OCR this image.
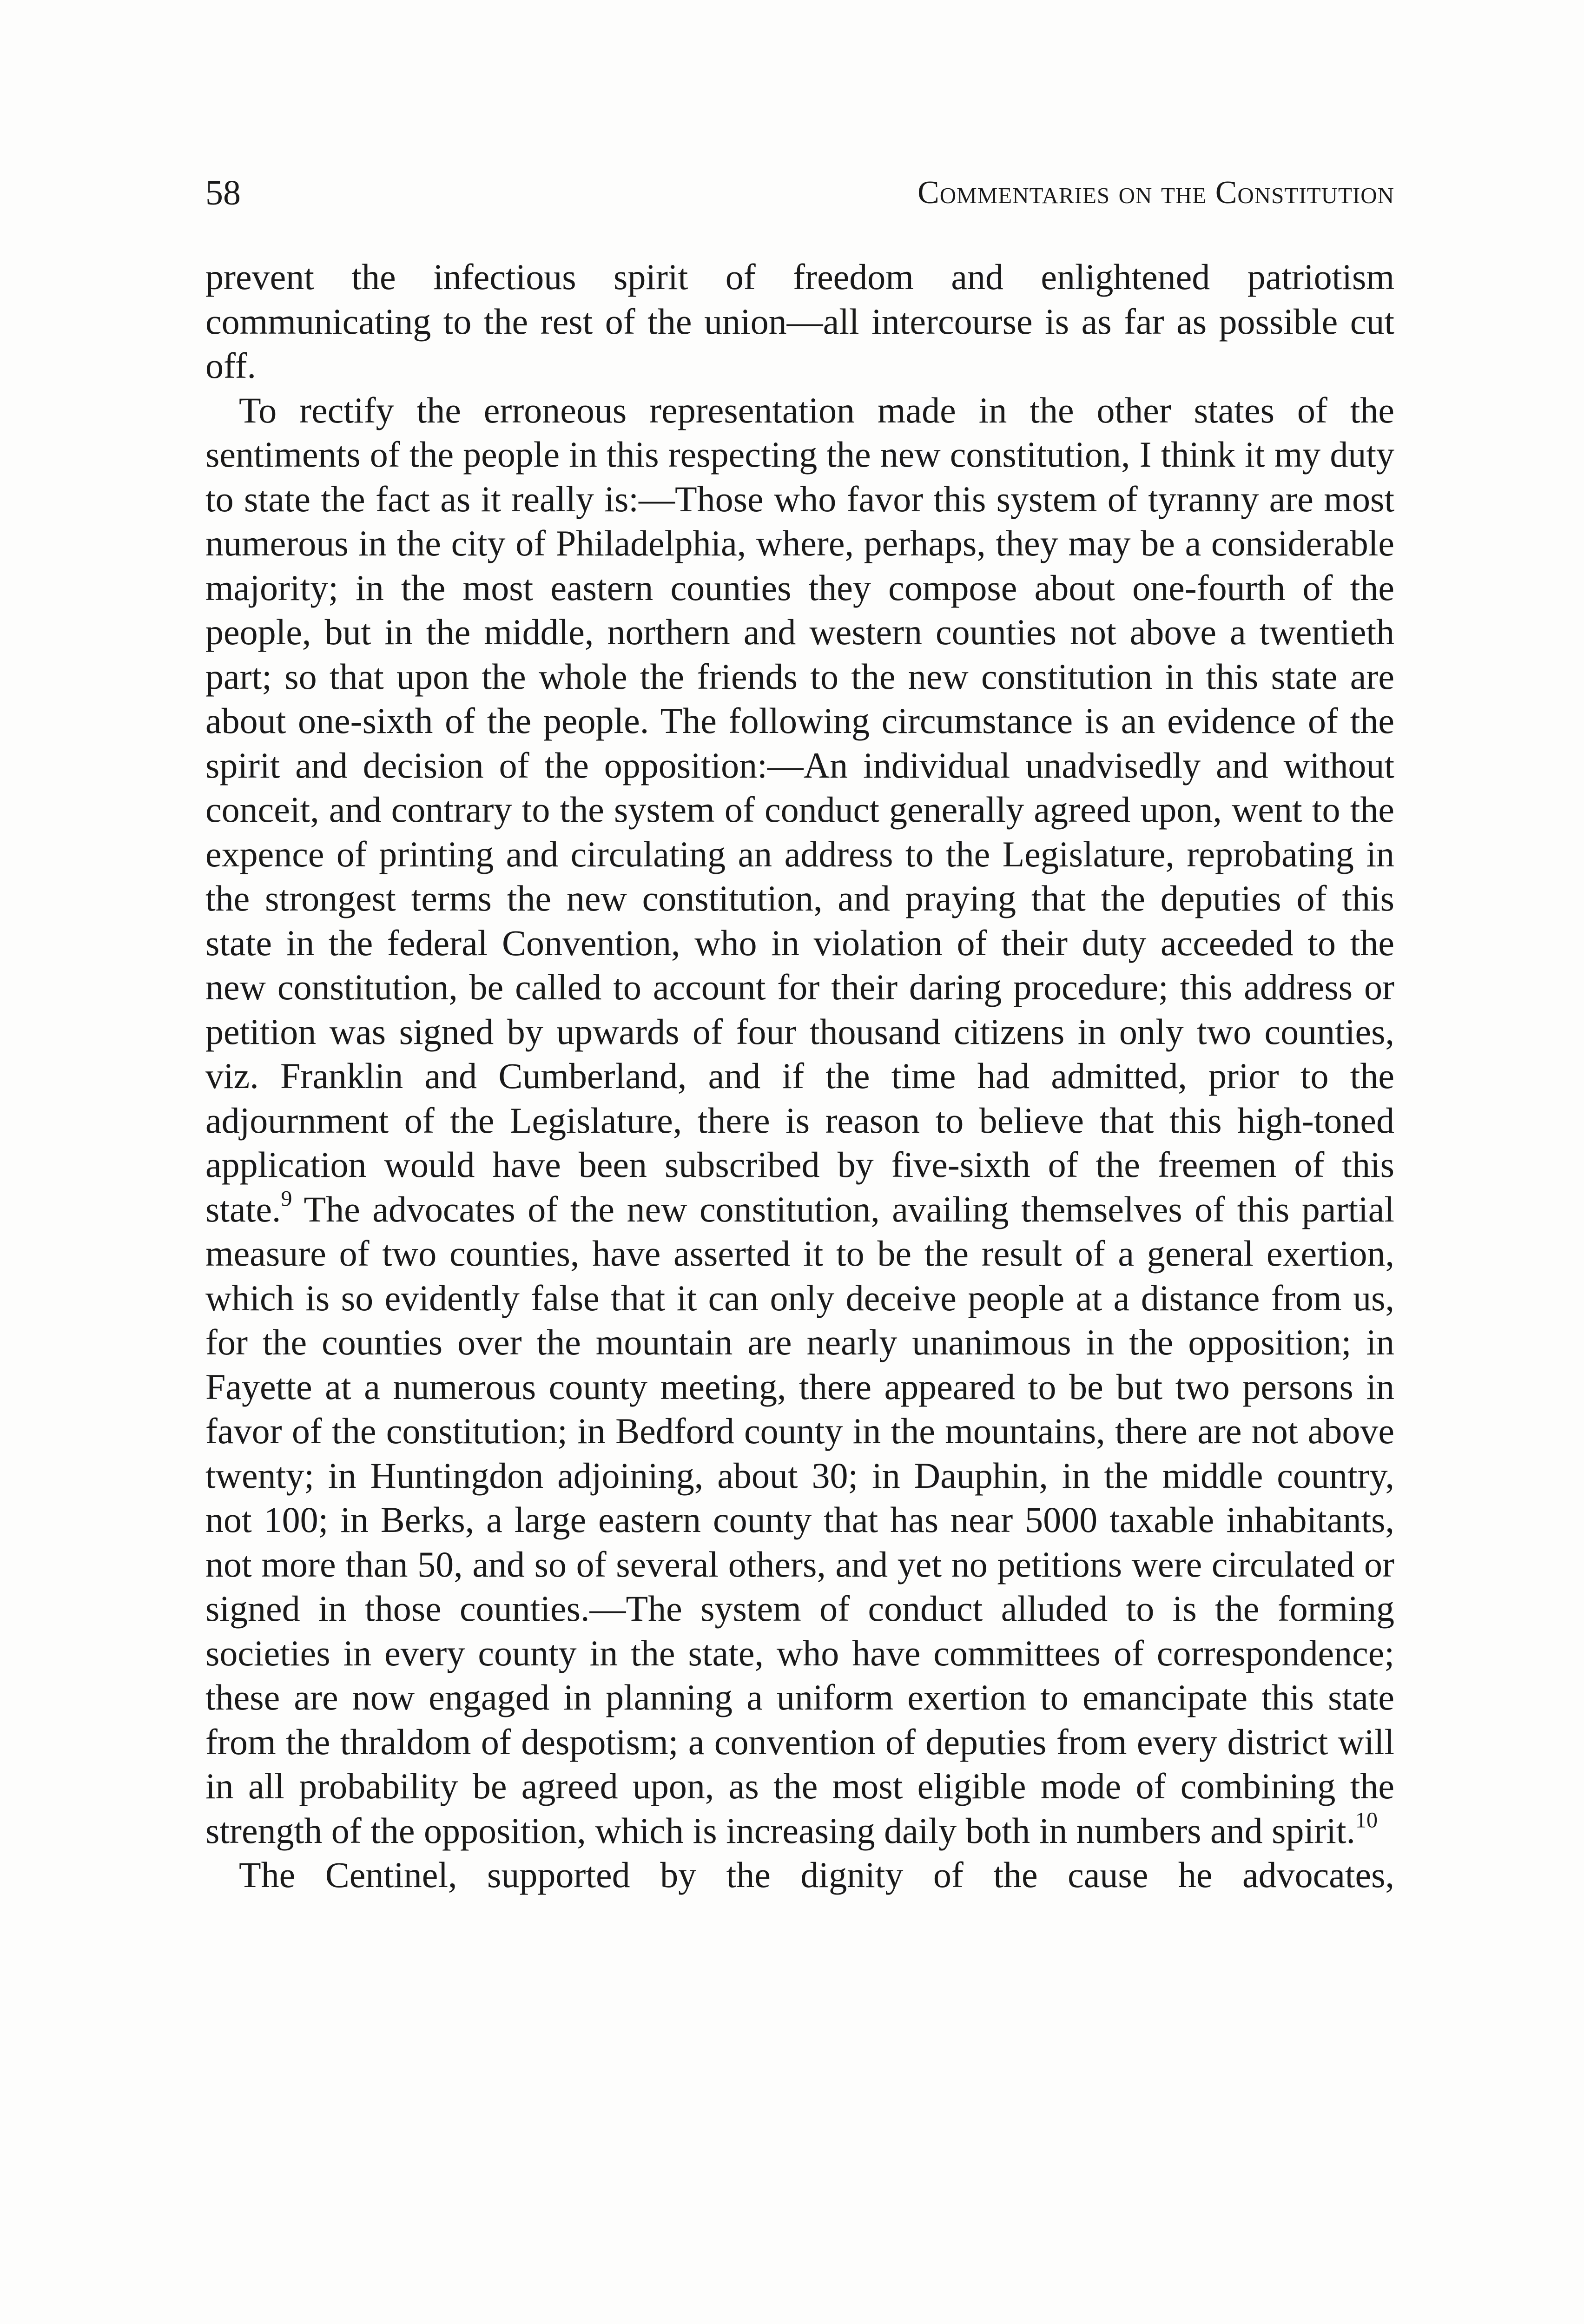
58	Commentaries on the Constitution

prevent the infectious spirit of freedom and enlightened patriotism communicating to the rest of the union—all intercourse is as far as possible cut off.

To rectify the erroneous representation made in the other states of the sentiments of the people in this respecting the new constitution, I think it my duty to state the fact as it really is:—Those who favor this system of tyranny are most numerous in the city of Philadelphia, where, perhaps, they may be a considerable majority; in the most eastern counties they compose about one-fourth of the people, but in the middle, northern and western counties not above a twentieth part; so that upon the whole the friends to the new constitution in this state are about one-sixth of the people. The following circumstance is an evidence of the spirit and decision of the opposition:—An individual unadvisedly and without conceit, and contrary to the system of conduct generally agreed upon, went to the expence of printing and circulating an address to the Legislature, reprobating in the strongest terms the new constitution, and praying that the deputies of this state in the federal Convention, who in violation of their duty acceeded to the new constitution, be called to account for their daring procedure; this address or petition was signed by upwards of four thousand citizens in only two counties, viz. Franklin and Cumberland, and if the time had admitted, prior to the adjournment of the Legislature, there is reason to believe that this high-toned application would have been subscribed by five-sixth of the freemen of this state.$^9$ The advocates of the new constitution, availing themselves of this partial measure of two counties, have asserted it to be the result of a general exertion, which is so evidently false that it can only deceive people at a distance from us, for the counties over the mountain are nearly unanimous in the opposition; in Fayette at a numerous county meeting, there appeared to be but two persons in favor of the constitution; in Bedford county in the mountains, there are not above twenty; in Huntingdon adjoining, about 30; in Dauphin, in the middle country, not 100; in Berks, a large eastern county that has near 5000 taxable inhabitants, not more than 50, and so of several others, and yet no petitions were circulated or signed in those counties.—The system of conduct alluded to is the forming societies in every county in the state, who have committees of correspondence; these are now engaged in planning a uniform exertion to emancipate this state from the thraldom of despotism; a convention of deputies from every district will in all probability be agreed upon, as the most eligible mode of combining the strength of the opposition, which is increasing daily both in numbers and spirit.$^{10}$

The Centinel, supported by the dignity of the cause he advocates,
